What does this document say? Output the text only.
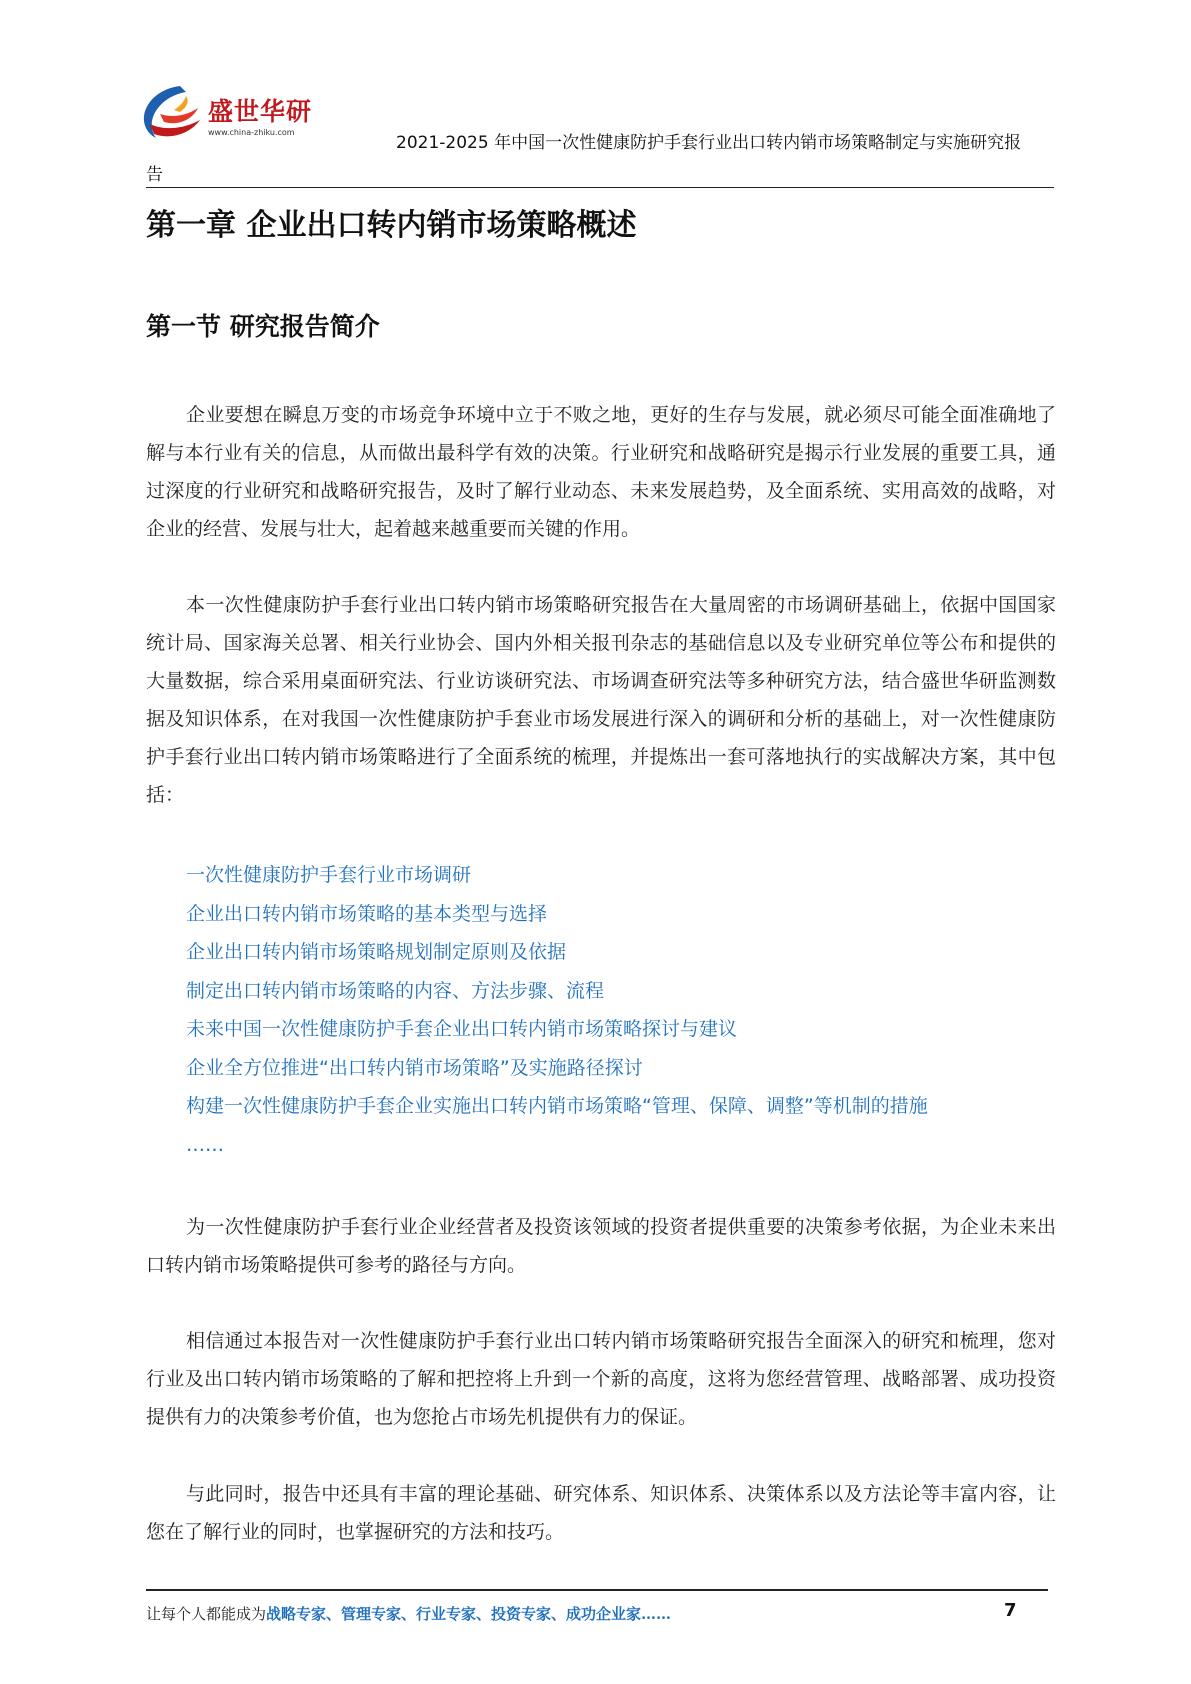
盛世华研
www.china-zhiku.com
2021-2025 年中国一次性健康防护手套行业出口转内销市场策略制定与实施研究报
告
第一章 企业出口转内销市场策略概述
第一节 研究报告简介

企业要想在瞬息万变的市场竞争环境中立于不败之地，更好的生存与发展，就必须尽可能全面准确地了解与本行业有关的信息，从而做出最科学有效的决策。行业研究和战略研究是揭示行业发展的重要工具，通过深度的行业研究和战略研究报告，及时了解行业动态、未来发展趋势，及全面系统、实用高效的战略，对企业的经营、发展与壮大，起着越来越重要而关键的作用。

本一次性健康防护手套行业出口转内销市场策略研究报告在大量周密的市场调研基础上，依据中国国家统计局、国家海关总署、相关行业协会、国内外相关报刊杂志的基础信息以及专业研究单位等公布和提供的大量数据，综合采用桌面研究法、行业访谈研究法、市场调查研究法等多种研究方法，结合盛世华研监测数据及知识体系，在对我国一次性健康防护手套业市场发展进行深入的调研和分析的基础上，对一次性健康防护手套行业出口转内销市场策略进行了全面系统的梳理，并提炼出一套可落地执行的实战解决方案，其中包括：

一次性健康防护手套行业市场调研
企业出口转内销市场策略的基本类型与选择
企业出口转内销市场策略规划制定原则及依据
制定出口转内销市场策略的内容、方法步骤、流程
未来中国一次性健康防护手套企业出口转内销市场策略探讨与建议
企业全方位推进“出口转内销市场策略”及实施路径探讨
构建一次性健康防护手套企业实施出口转内销市场策略“管理、保障、调整”等机制的措施
……

为一次性健康防护手套行业企业经营者及投资该领域的投资者提供重要的决策参考依据，为企业未来出口转内销市场策略提供可参考的路径与方向。

相信通过本报告对一次性健康防护手套行业出口转内销市场策略研究报告全面深入的研究和梳理，您对行业及出口转内销市场策略的了解和把控将上升到一个新的高度，这将为您经营管理、战略部署、成功投资提供有力的决策参考价值，也为您抢占市场先机提供有力的保证。

与此同时，报告中还具有丰富的理论基础、研究体系、知识体系、决策体系以及方法论等丰富内容，让您在了解行业的同时，也掌握研究的方法和技巧。

让每个人都能成为战略专家、管理专家、行业专家、投资专家、成功企业家……	7
